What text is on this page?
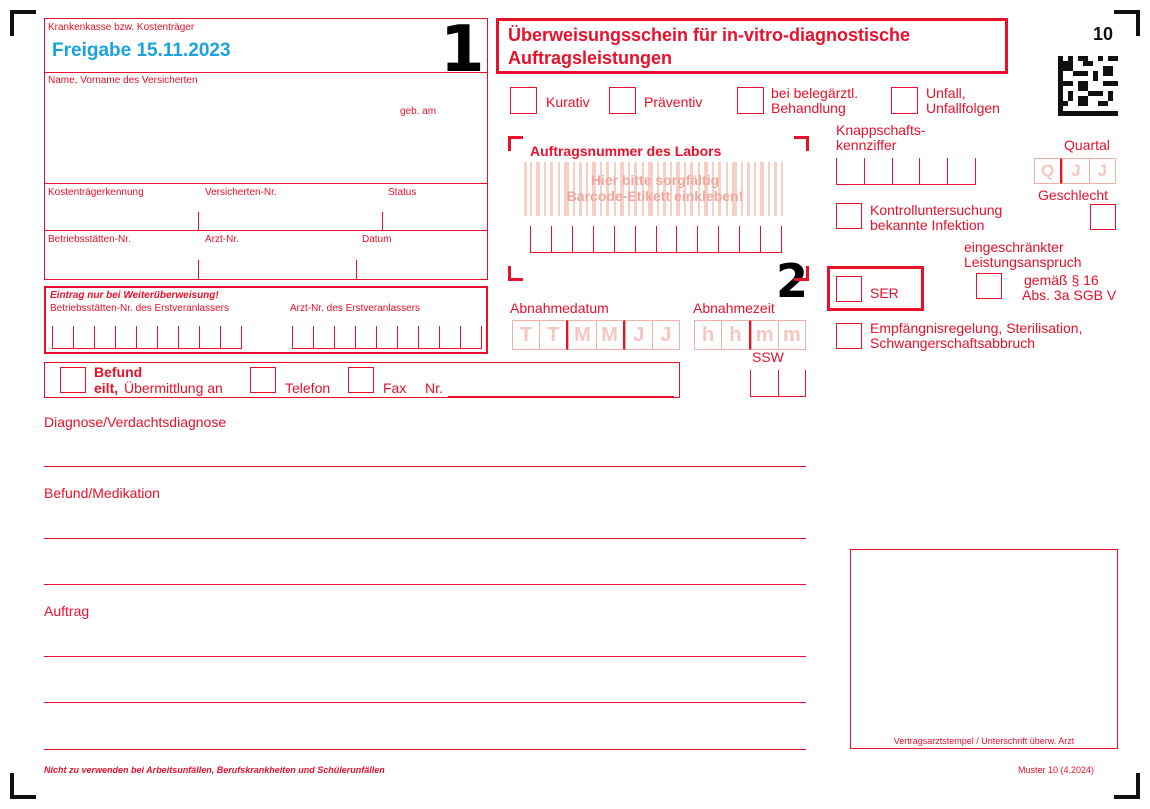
Krankenkasse bzw. Kostenträger
Freigabe 15.11.2023
Name, Vorname des Versicherten
geb. am
Kostenträgerkennung	Versicherten-Nr.	Status
Betriebsstätten-Nr.	Arzt-Nr.	Datum
Eintrag nur bei Weiterüberweisung!
Betriebsstätten-Nr. des Erstveranlassers	Arzt-Nr. des Erstveranlassers
Befund
eilt, Übermittlung an	Telefon	Fax Nr.
Überweisungsschein für in-vitro-diagnostische
Auftragsleistungen
1
2
10
Kurativ	Präventiv
bei belegärztl.
Behandlung
Unfall,
Unfallfolgen
Auftragsnummer des Labors
Hier bitte sorgfältig
Barcode-Etikett einkleben!
Abnahmedatum	Abnahmezeit
T T M M J J	h h m m
SSW
Knappschafts-
kennziffer	Quartal
Q J J
Geschlecht
Kontrolluntersuchung
bekannte Infektion
eingeschränkter
Leistungsanspruch
gemäß § 16
Abs. 3a SGB V
SER
Empfängnisregelung, Sterilisation,
Schwangerschaftsabbruch
Diagnose/Verdachtsdiagnose
Befund/Medikation
Auftrag
Vertragsarztstempel / Unterschrift überw. Arzt
Nicht zu verwenden bei Arbeitsunfällen, Berufskrankheiten und Schülerunfällen	Muster 10 (4.2024)
